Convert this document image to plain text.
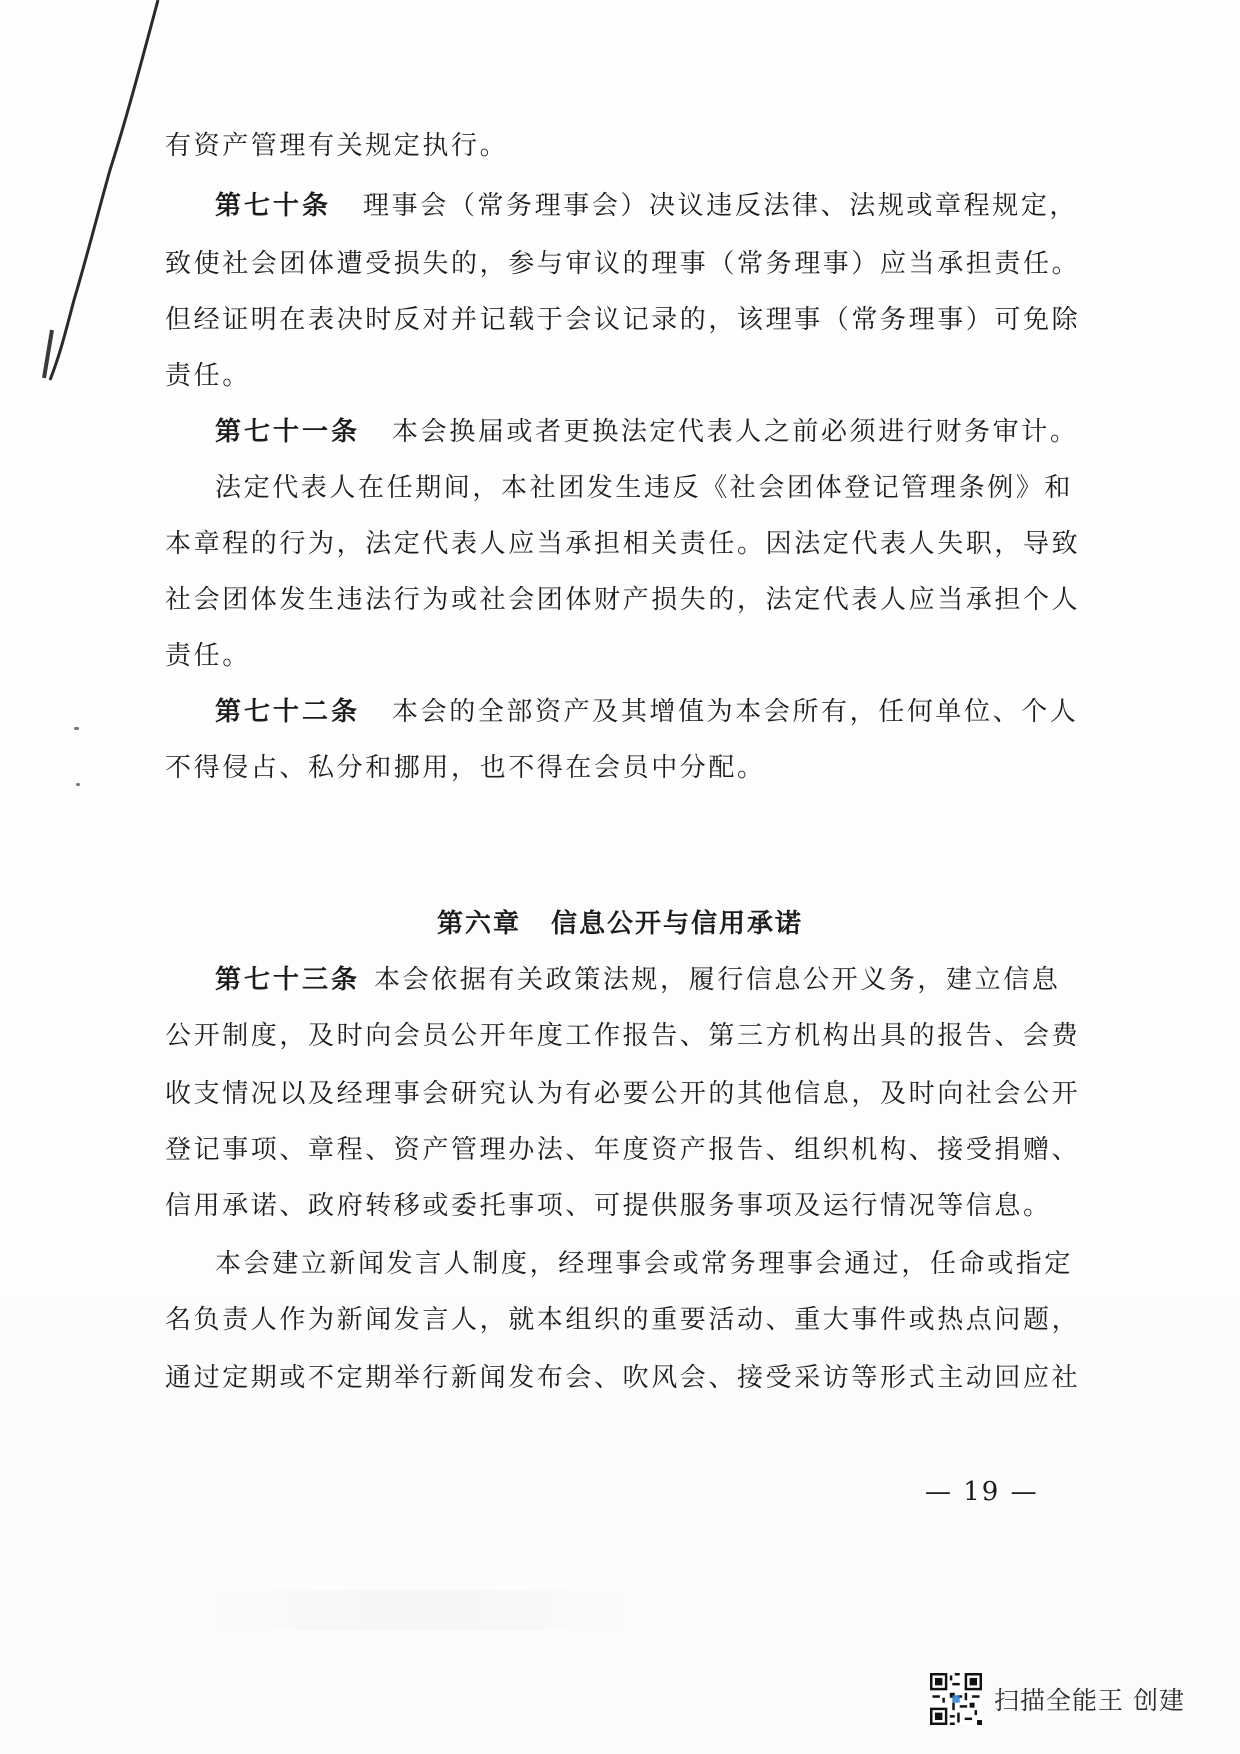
有资产管理有关规定执行。
第七十条 理事会（常务理事会）决议违反法律、法规或章程规定，
致使社会团体遭受损失的，参与审议的理事（常务理事）应当承担责任。
但经证明在表决时反对并记载于会议记录的，该理事（常务理事）可免除
责任。
第七十一条 本会换届或者更换法定代表人之前必须进行财务审计。
法定代表人在任期间，本社团发生违反《社会团体登记管理条例》和
本章程的行为，法定代表人应当承担相关责任。因法定代表人失职，导致
社会团体发生违法行为或社会团体财产损失的，法定代表人应当承担个人
责任。
第七十二条 本会的全部资产及其增值为本会所有，任何单位、个人
不得侵占、私分和挪用，也不得在会员中分配。
第六章 信息公开与信用承诺
第七十三条 本会依据有关政策法规，履行信息公开义务，建立信息
公开制度，及时向会员公开年度工作报告、第三方机构出具的报告、会费
收支情况以及经理事会研究认为有必要公开的其他信息，及时向社会公开
登记事项、章程、资产管理办法、年度资产报告、组织机构、接受捐赠、
信用承诺、政府转移或委托事项、可提供服务事项及运行情况等信息。
本会建立新闻发言人制度，经理事会或常务理事会通过，任命或指定
名负责人作为新闻发言人，就本组织的重要活动、重大事件或热点问题，
通过定期或不定期举行新闻发布会、吹风会、接受采访等形式主动回应社
— 19 —
扫描全能王 创建
